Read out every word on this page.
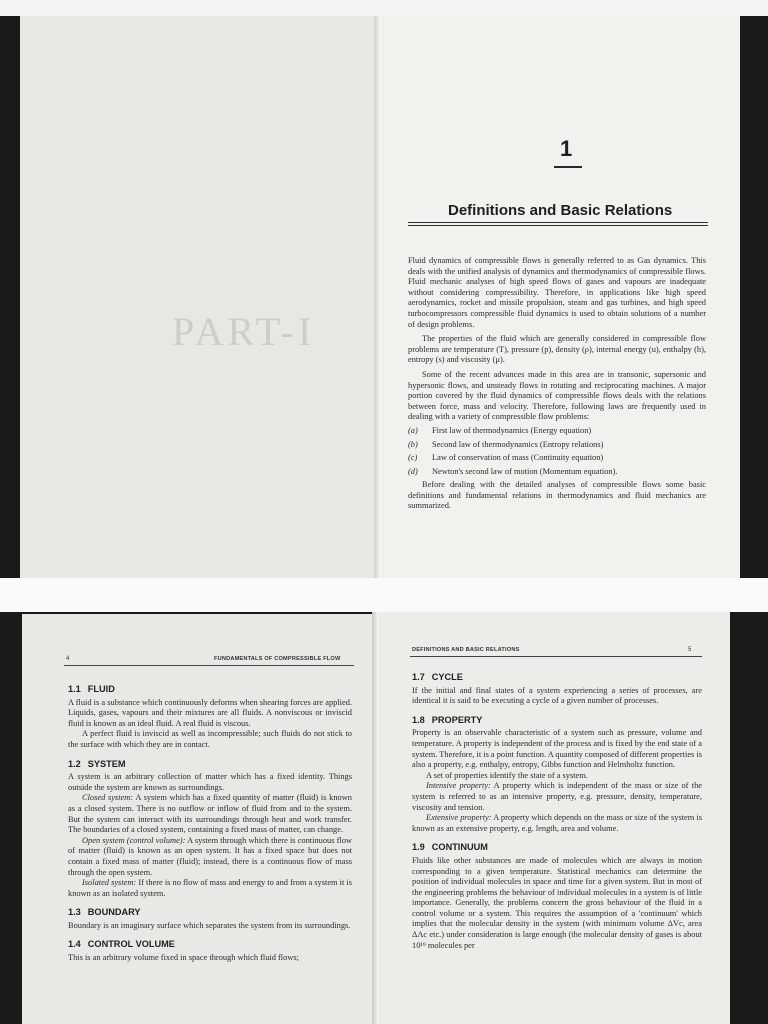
PART-I
1
Definitions and Basic Relations

Fluid dynamics of compressible flows is generally referred to as Gas dynamics. This deals with the unified analysis of dynamics and thermodynamics of compressible flows. Fluid mechanic analyses of high speed flows of gases and vapours are inadequate without considering compressibility. Therefore, in applications like high speed aerodynamics, rocket and missile propulsion, steam and gas turbines, and high speed turbocompressors compressible fluid dynamics is used to obtain solutions of a number of design problems.

The properties of the fluid which are generally considered in compressible flow problems are temperature (T), pressure (p), density (ρ), internal energy (u), enthalpy (h), entropy (s) and viscosity (μ).

Some of the recent advances made in this area are in transonic, supersonic and hypersonic flows, and unsteady flows in rotating and reciprocating machines. A major portion covered by the fluid dynamics of compressible flows deals with the relations between force, mass and velocity. Therefore, following laws are frequently used in dealing with a variety of compressible flow problems:

(a)	First law of thermodynamics (Energy equation)
(b)	Second law of thermodynamics (Entropy relations)
(c)	Law of conservation of mass (Continuity equation)
(d)	Newton's second law of motion (Momentum equation).

Before dealing with the detailed analyses of compressible flows some basic definitions and fundamental relations in thermodynamics and fluid mechanics are summarized.

4	FUNDAMENTALS OF COMPRESSIBLE FLOW
1.1 FLUID

A fluid is a substance which continuously deforms when shearing forces are applied. Liquids, gases, vapours and their mixtures are all fluids. A nonviscous or inviscid fluid is known as an ideal fluid. A real fluid is viscous.

A perfect fluid is inviscid as well as incompressible; such fluids do not stick to the surface with which they are in contact.

1.2 SYSTEM

A system is an arbitrary collection of matter which has a fixed identity. Things outside the system are known as surroundings.

Closed system: A system which has a fixed quantity of matter (fluid) is known as a closed system. There is no outflow or inflow of fluid from and to the system. But the system can interact with its surroundings through heat and work transfer. The boundaries of a closed system, containing a fixed mass of matter, can change.

Open system (control volume): A system through which there is continuous flow of matter (fluid) is known as an open system. It has a fixed space but does not contain a fixed mass of matter (fluid); instead, there is a continuous flow of mass through the open system.

Isolated system: If there is no flow of mass and energy to and from a system it is known as an isolated system.

1.3 BOUNDARY

Boundary is an imaginary surface which separates the system from its surroundings.

1.4 CONTROL VOLUME

This is an arbitrary volume fixed in space through which fluid flows;

DEFINITIONS AND BASIC RELATIONS	5
1.7 CYCLE

If the initial and final states of a system experiencing a series of processes, are identical it is said to be executing a cycle of a given number of processes.

1.8 PROPERTY

Property is an observable characteristic of a system such as pressure, volume and temperature. A property is independent of the process and is fixed by the end state of a system. Therefore, it is a point function. A quantity composed of different properties is also a property, e.g. enthalpy, entropy, Gibbs function and Helmholtz function.

A set of properties identify the state of a system.

Intensive property: A property which is independent of the mass or size of the system is referred to as an intensive property, e.g. pressure, density, temperature, viscosity and tension.

Extensive property: A property which depends on the mass or size of the system is known as an extensive property, e.g. length, area and volume.

1.9 CONTINUUM

Fluids like other substances are made of molecules which are always in motion corresponding to a given temperature. Statistical mechanics can determine the position of individual molecules in space and time for a given system. But in most of the engineering problems the behaviour of individual molecules in a system is of little importance. Generally, the problems concern the gross behaviour of the fluid in a control volume or a system. This requires the assumption of a 'continuum' which implies that the molecular density in the system (with minimum volume ΔVc, area ΔAc etc.) under consideration is large enough (the molecular density of gases is about 10¹⁹ molecules per
